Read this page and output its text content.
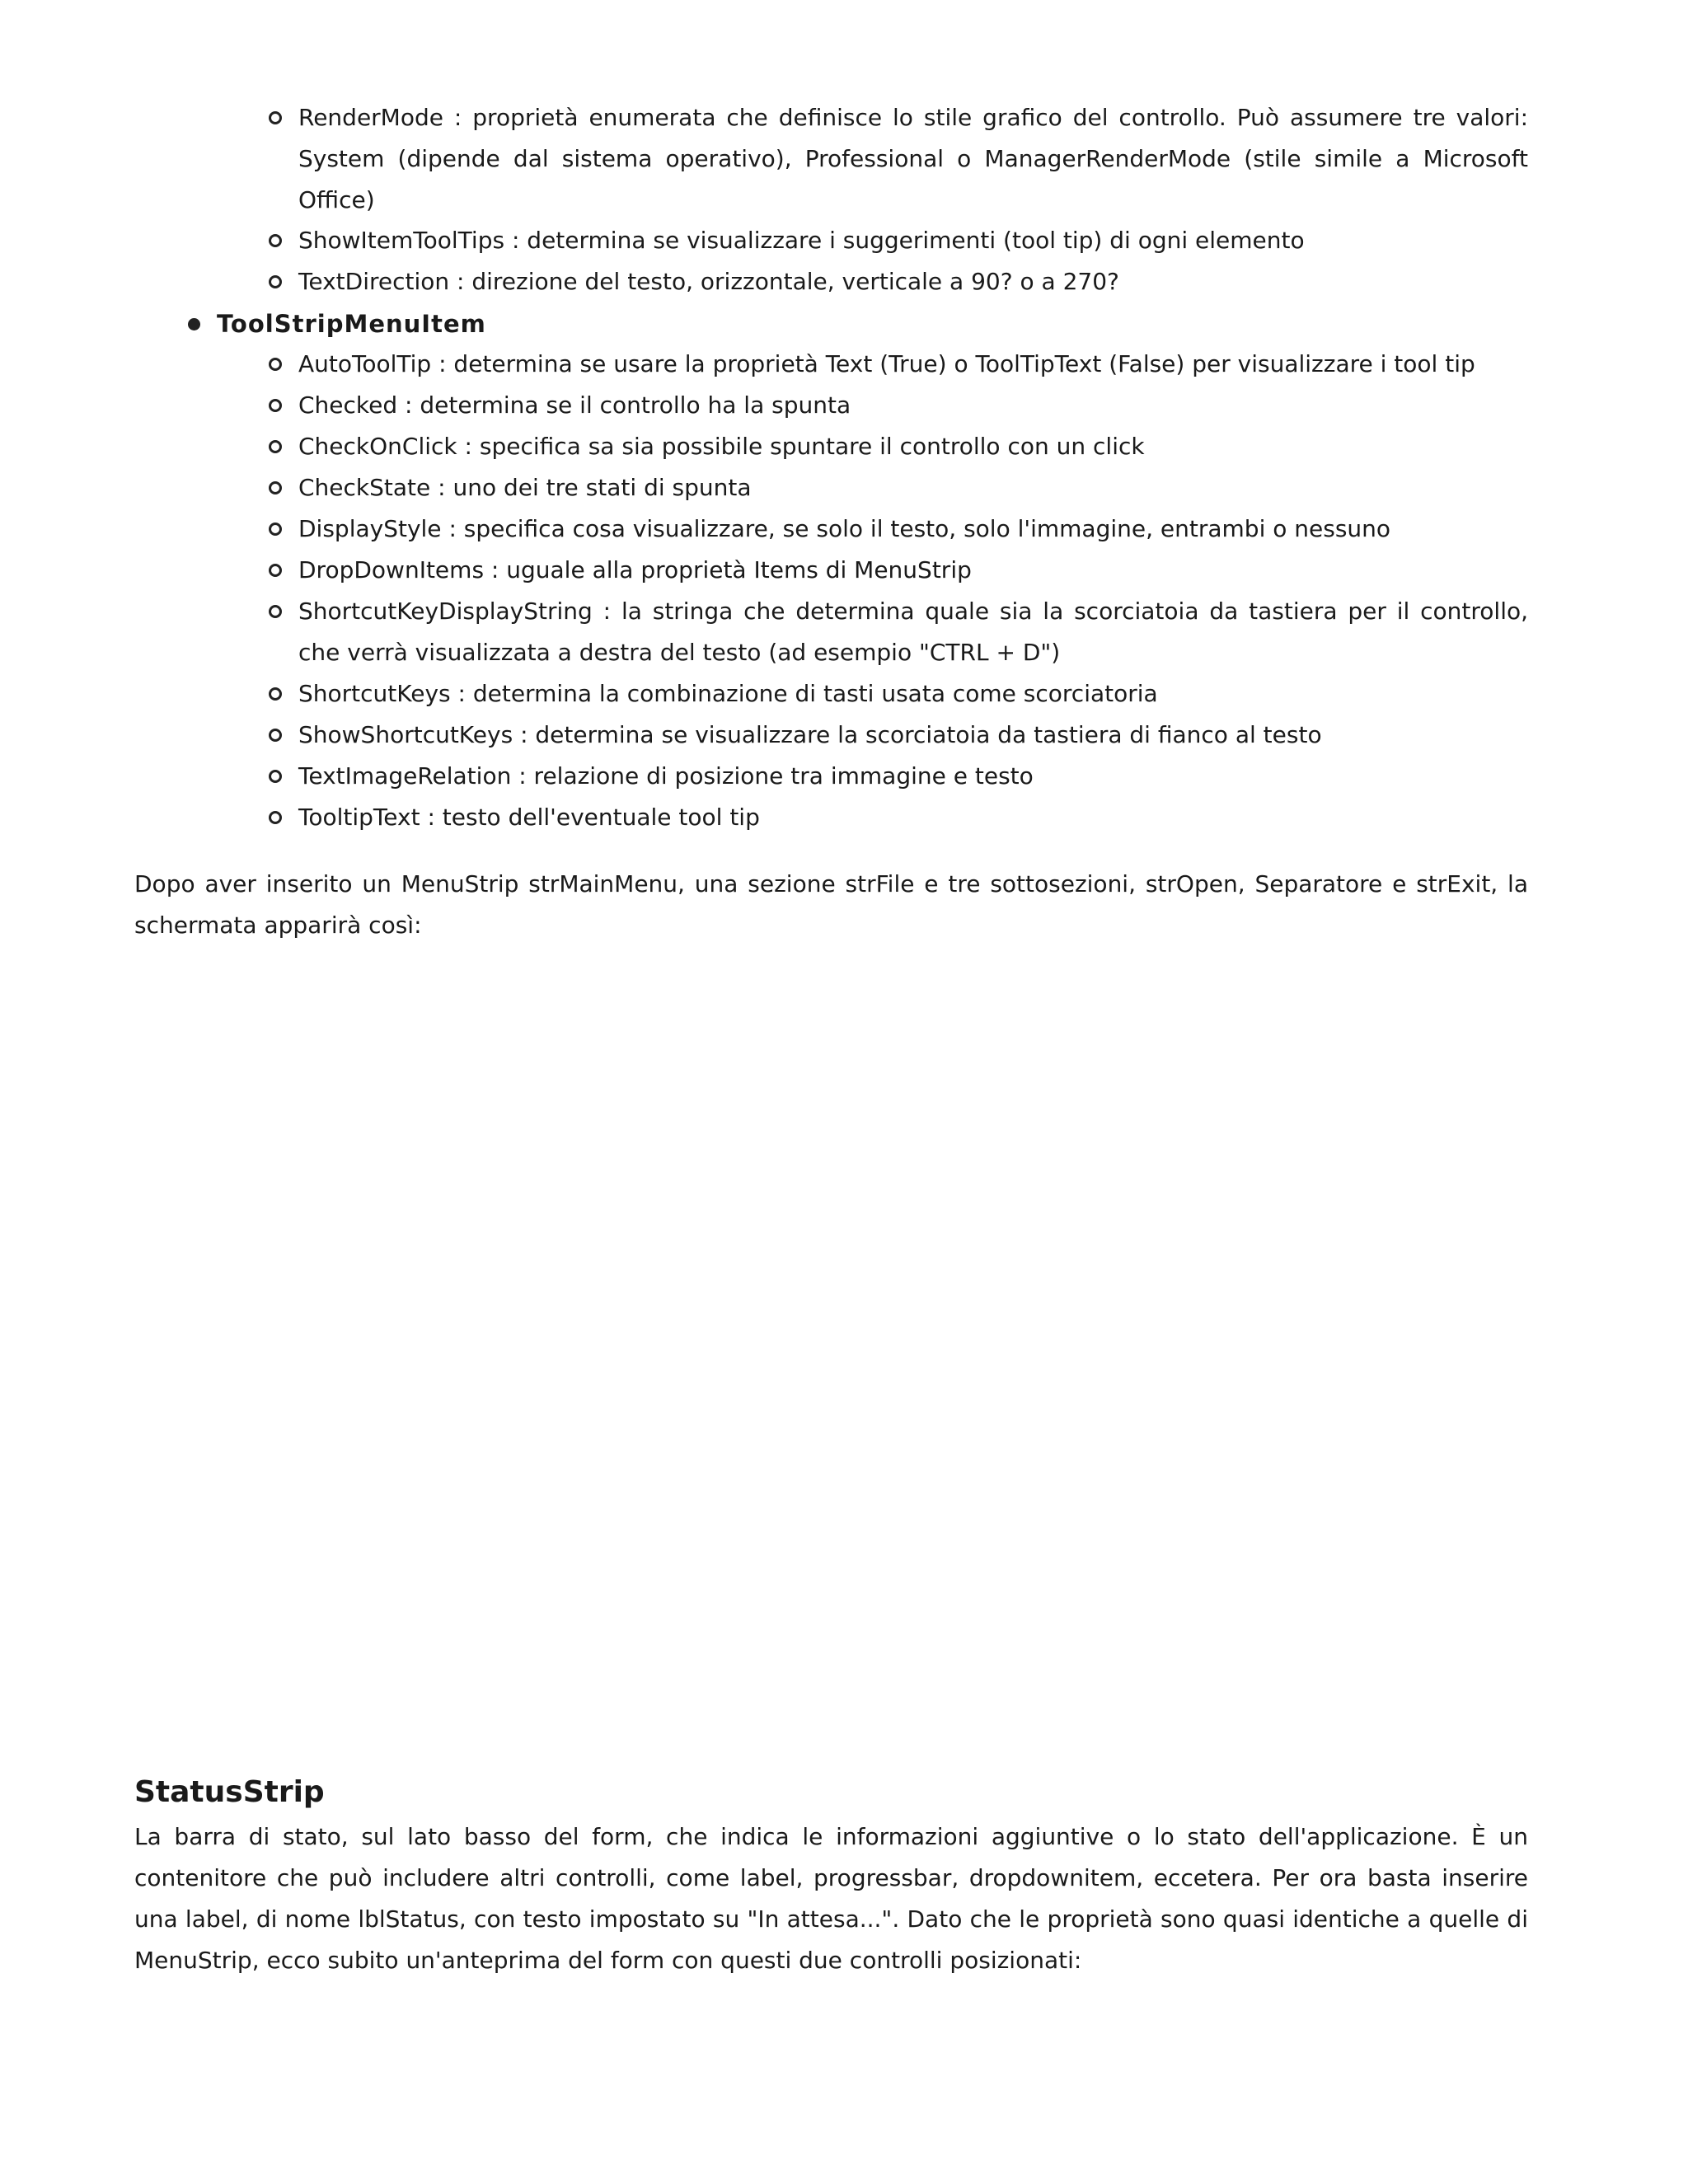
RenderMode : proprietà enumerata che definisce lo stile grafico del controllo. Può assumere tre valori: System (dipende dal sistema operativo), Professional o ManagerRenderMode (stile simile a Microsoft Office)
ShowItemToolTips : determina se visualizzare i suggerimenti (tool tip) di ogni elemento
TextDirection : direzione del testo, orizzontale, verticale a 90? o a 270?
ToolStripMenuItem
AutoToolTip : determina se usare la proprietà Text (True) o ToolTipText (False) per visualizzare i tool tip
Checked : determina se il controllo ha la spunta
CheckOnClick : specifica sa sia possibile spuntare il controllo con un click
CheckState : uno dei tre stati di spunta
DisplayStyle : specifica cosa visualizzare, se solo il testo, solo l'immagine, entrambi o nessuno
DropDownItems : uguale alla proprietà Items di MenuStrip
ShortcutKeyDisplayString : la stringa che determina quale sia la scorciatoia da tastiera per il controllo, che verrà visualizzata a destra del testo (ad esempio "CTRL + D")
ShortcutKeys : determina la combinazione di tasti usata come scorciatoria
ShowShortcutKeys : determina se visualizzare la scorciatoia da tastiera di fianco al testo
TextImageRelation : relazione di posizione tra immagine e testo
TooltipText : testo dell'eventuale tool tip
Dopo aver inserito un MenuStrip strMainMenu, una sezione strFile e tre sottosezioni, strOpen, Separatore e strExit, la schermata apparirà così:
StatusStrip
La barra di stato, sul lato basso del form, che indica le informazioni aggiuntive o lo stato dell'applicazione. È un contenitore che può includere altri controlli, come label, progressbar, dropdownitem, eccetera. Per ora basta inserire una label, di nome lblStatus, con testo impostato su "In attesa...". Dato che le proprietà sono quasi identiche a quelle di MenuStrip, ecco subito un'anteprima del form con questi due controlli posizionati:
